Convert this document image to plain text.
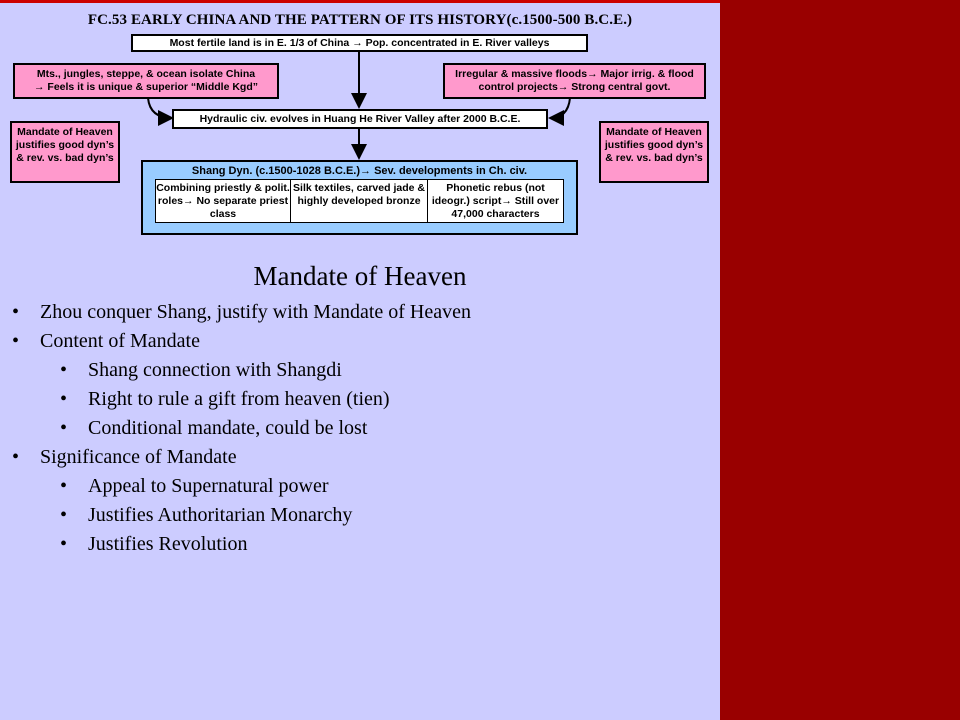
FC.53 EARLY CHINA AND THE PATTERN OF ITS HISTORY(c.1500-500 B.C.E.)
Most fertile land is in E. 1/3 of China → Pop. concentrated in E. River valleys
Mts., jungles, steppe, & ocean isolate China
→ Feels it is unique & superior “Middle Kgd”
Irregular & massive floods→ Major irrig. & flood control projects→ Strong central govt.
Hydraulic civ. evolves in Huang He River Valley after 2000 B.C.E.
Mandate of Heaven justifies good dyn’s & rev. vs. bad dyn’s
Mandate of Heaven justifies good dyn’s & rev. vs. bad dyn’s
Shang Dyn. (c.1500-1028 B.C.E.)→ Sev. developments in Ch. civ.
Combining priestly & polit. roles→ No separate priest class
Silk textiles, carved jade & highly developed bronze
Phonetic rebus (not ideogr.) script→ Still over 47,000 characters
Mandate of Heaven
• Zhou conquer Shang, justify with Mandate of Heaven
• Content of Mandate
• Shang connection with Shangdi
• Right to rule a gift from heaven (tien)
• Conditional mandate, could be lost
• Significance of Mandate
• Appeal to Supernatural power
• Justifies Authoritarian Monarchy
• Justifies Revolution
